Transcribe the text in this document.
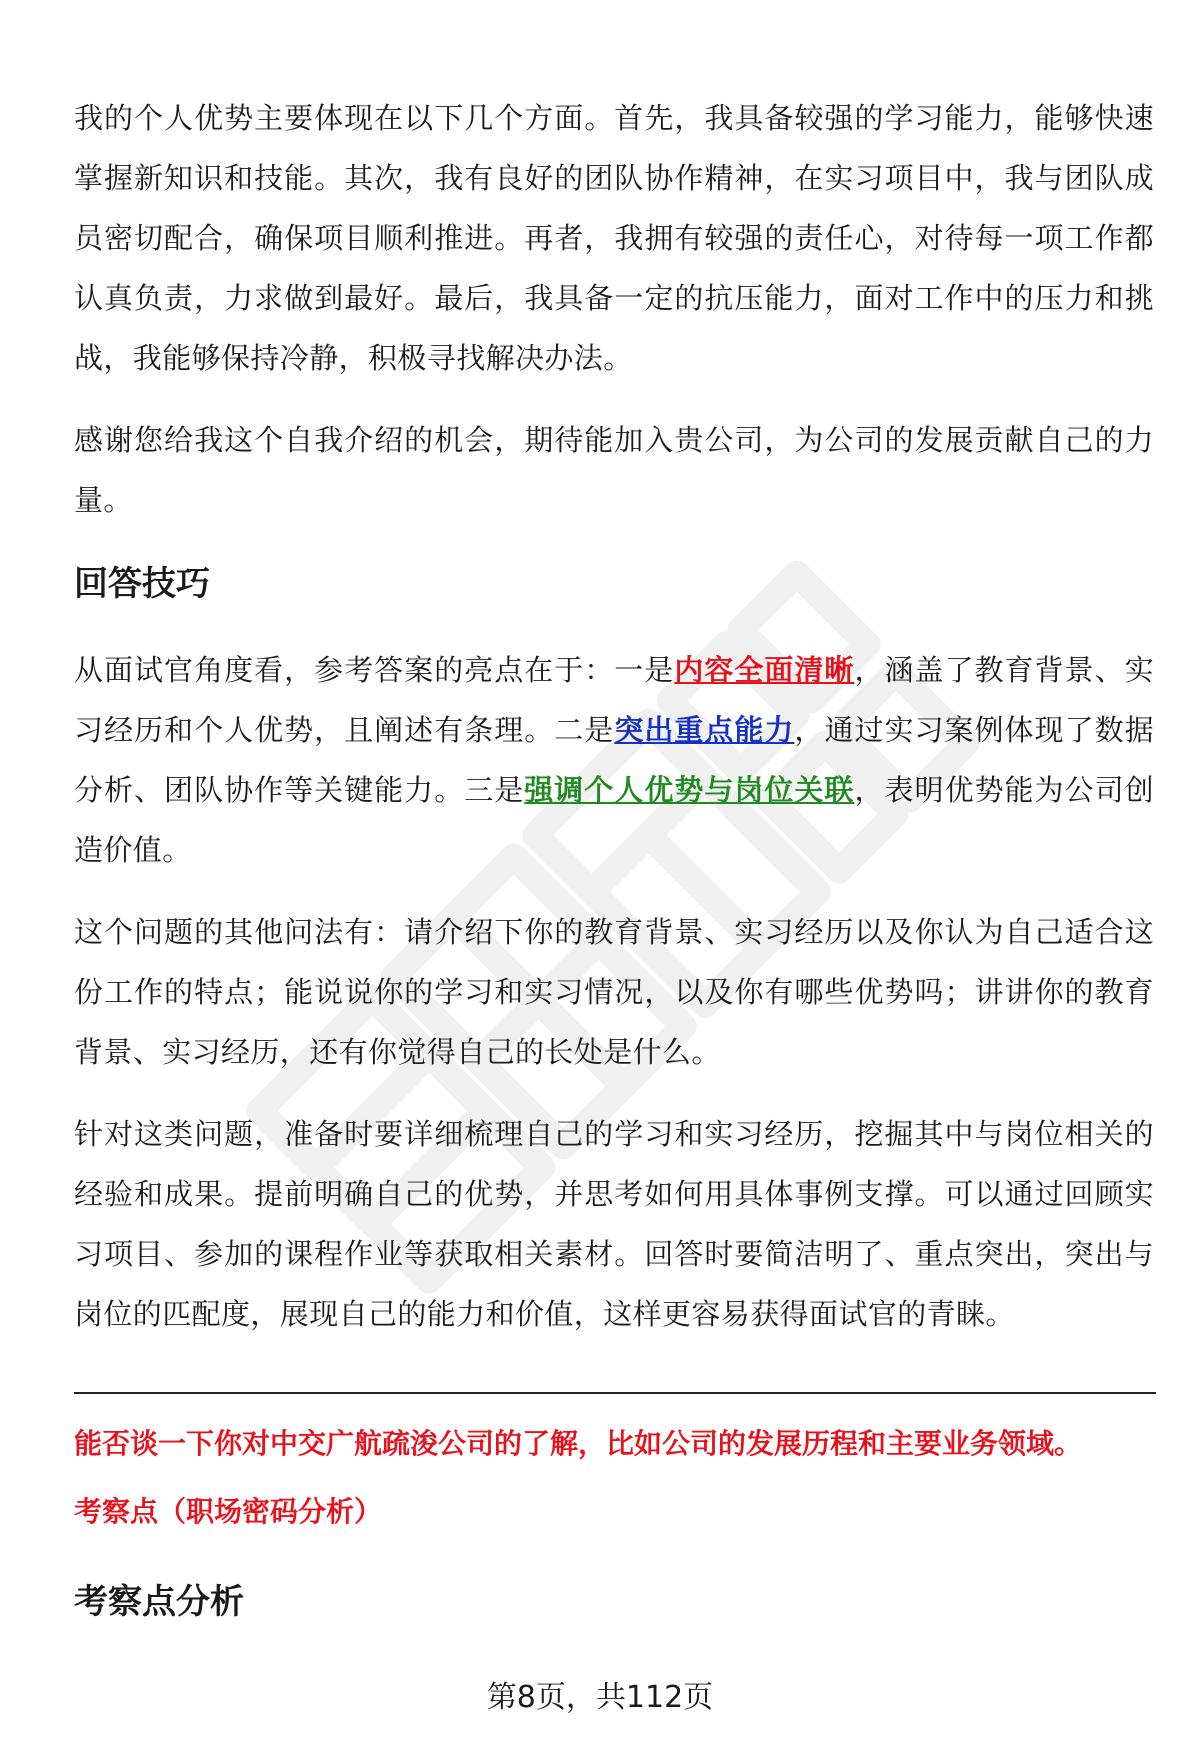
我的个人优势主要体现在以下几个方面。首先，我具备较强的学习能力，能够快速掌握新知识和技能。其次，我有良好的团队协作精神，在实习项目中，我与团队成员密切配合，确保项目顺利推进。再者，我拥有较强的责任心，对待每一项工作都认真负责，力求做到最好。最后，我具备一定的抗压能力，面对工作中的压力和挑战，我能够保持冷静，积极寻找解决办法。

感谢您给我这个自我介绍的机会，期待能加入贵公司，为公司的发展贡献自己的力量。

回答技巧

从面试官角度看，参考答案的亮点在于：一是内容全面清晰，涵盖了教育背景、实习经历和个人优势，且阐述有条理。二是突出重点能力，通过实习案例体现了数据分析、团队协作等关键能力。三是强调个人优势与岗位关联，表明优势能为公司创造价值。

这个问题的其他问法有：请介绍下你的教育背景、实习经历以及你认为自己适合这份工作的特点；能说说你的学习和实习情况，以及你有哪些优势吗；讲讲你的教育背景、实习经历，还有你觉得自己的长处是什么。

针对这类问题，准备时要详细梳理自己的学习和实习经历，挖掘其中与岗位相关的经验和成果。提前明确自己的优势，并思考如何用具体事例支撑。可以通过回顾实习项目、参加的课程作业等获取相关素材。回答时要简洁明了、重点突出，突出与岗位的匹配度，展现自己的能力和价值，这样更容易获得面试官的青睐。

能否谈一下你对中交广航疏浚公司的了解，比如公司的发展历程和主要业务领域。
考察点（职场密码分析）
考察点分析
第8页，共112页
